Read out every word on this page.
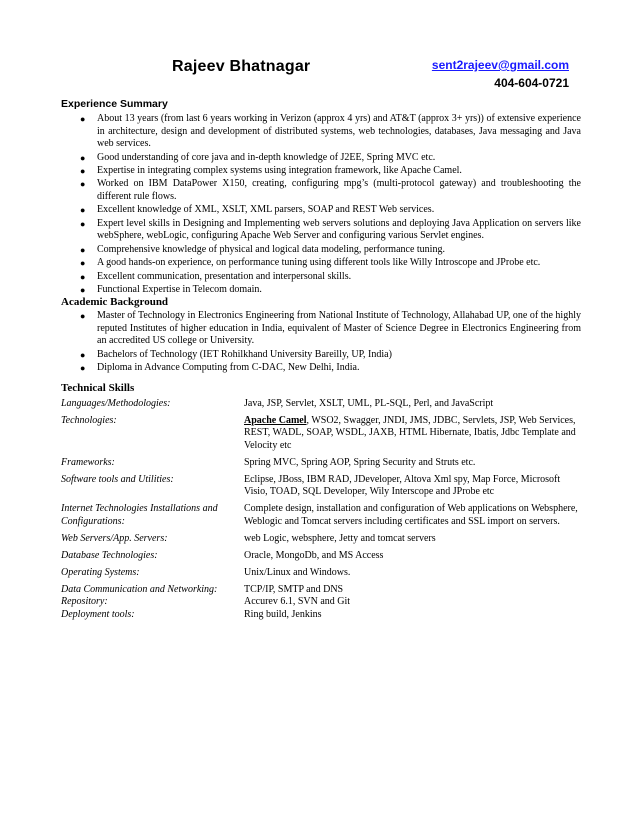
Rajeev Bhatnagar	sent2rajeev@gmail.com
404-604-0721
Experience Summary
● About 13 years (from last 6 years working in Verizon (approx 4 yrs) and AT&T (approx 3+ yrs)) of extensive experience in architecture, design and development of distributed systems, web technologies, databases, Java messaging and Java web services.
● Good understanding of core java and in-depth knowledge of J2EE, Spring MVC etc.
● Expertise in integrating complex systems using integration framework, like Apache Camel.
● Worked on IBM DataPower X150, creating, configuring mpg’s (multi-protocol gateway) and troubleshooting the different rule flows.
● Excellent knowledge of XML, XSLT, XML parsers, SOAP and REST Web services.
● Expert level skills in Designing and Implementing web servers solutions and deploying Java Application on servers like webSphere, webLogic, configuring Apache Web Server and configuring various Servlet engines.
● Comprehensive knowledge of physical and logical data modeling, performance tuning.
● A good hands-on experience, on performance tuning using different tools like Willy Introscope and JProbe etc.
● Excellent communication, presentation and interpersonal skills.
● Functional Expertise in Telecom domain.
Academic Background
● Master of Technology in Electronics Engineering from National Institute of Technology, Allahabad UP, one of the highly reputed Institutes of higher education in India, equivalent of Master of Science Degree in Electronics Engineering from an accredited US college or University.
● Bachelors of Technology (IET Rohilkhand University Bareilly, UP, India)
● Diploma in Advance Computing from C-DAC, New Delhi, India.
Technical Skills
Languages/Methodologies:	Java, JSP, Servlet, XSLT, UML, PL-SQL, Perl, and JavaScript
Technologies:	Apache Camel, WSO2, Swagger, JNDI, JMS, JDBC, Servlets, JSP, Web Services, REST, WADL, SOAP, WSDL, JAXB, HTML Hibernate, Ibatis, Jdbc Template and Velocity etc
Frameworks:	Spring MVC, Spring AOP, Spring Security and Struts etc.
Software tools and Utilities:	Eclipse, JBoss, IBM RAD, JDeveloper, Altova Xml spy, Map Force, Microsoft Visio, TOAD, SQL Developer, Wily Interscope and JProbe etc
Internet Technologies Installations and Configurations:	Complete design, installation and configuration of Web applications on Websphere, Weblogic and Tomcat servers including certificates and SSL import on servers.
Web Servers/App. Servers:	web Logic, websphere, Jetty and tomcat servers
Database Technologies:	Oracle, MongoDb, and MS Access
Operating Systems:	Unix/Linux and Windows.
Data Communication and Networking:	TCP/IP, SMTP and DNS
Repository:	Accurev 6.1, SVN and Git
Deployment tools:	Ring build, Jenkins
